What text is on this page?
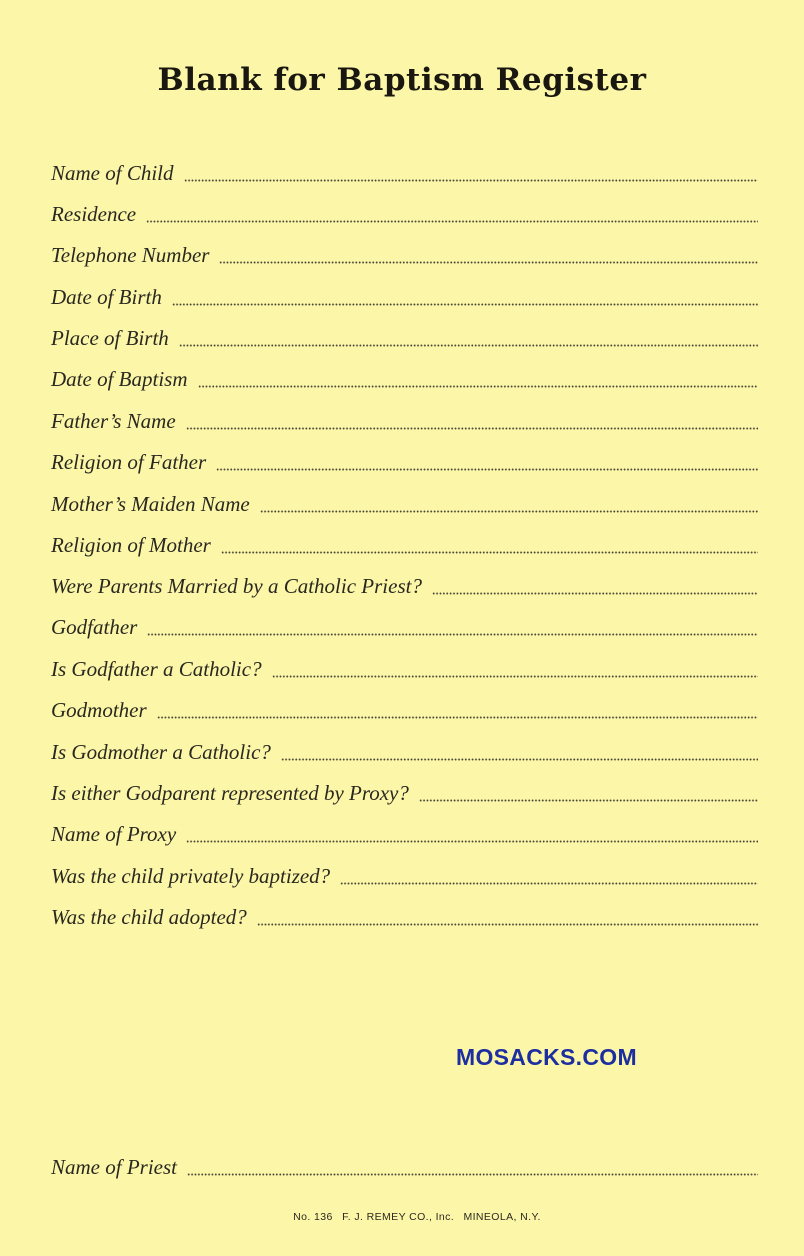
Blank for Baptism Register
Name of Child
Residence
Telephone Number
Date of Birth
Place of Birth
Date of Baptism
Father’s Name
Religion of Father
Mother’s Maiden Name
Religion of Mother
Were Parents Married by a Catholic Priest?
Godfather
Is Godfather a Catholic?
Godmother
Is Godmother a Catholic?
Is either Godparent represented by Proxy?
Name of Proxy
Was the child privately baptized?
Was the child adopted?
MOSACKS.COM
Name of Priest
No. 136 F. J. REMEY CO., Inc. MINEOLA, N.Y.
